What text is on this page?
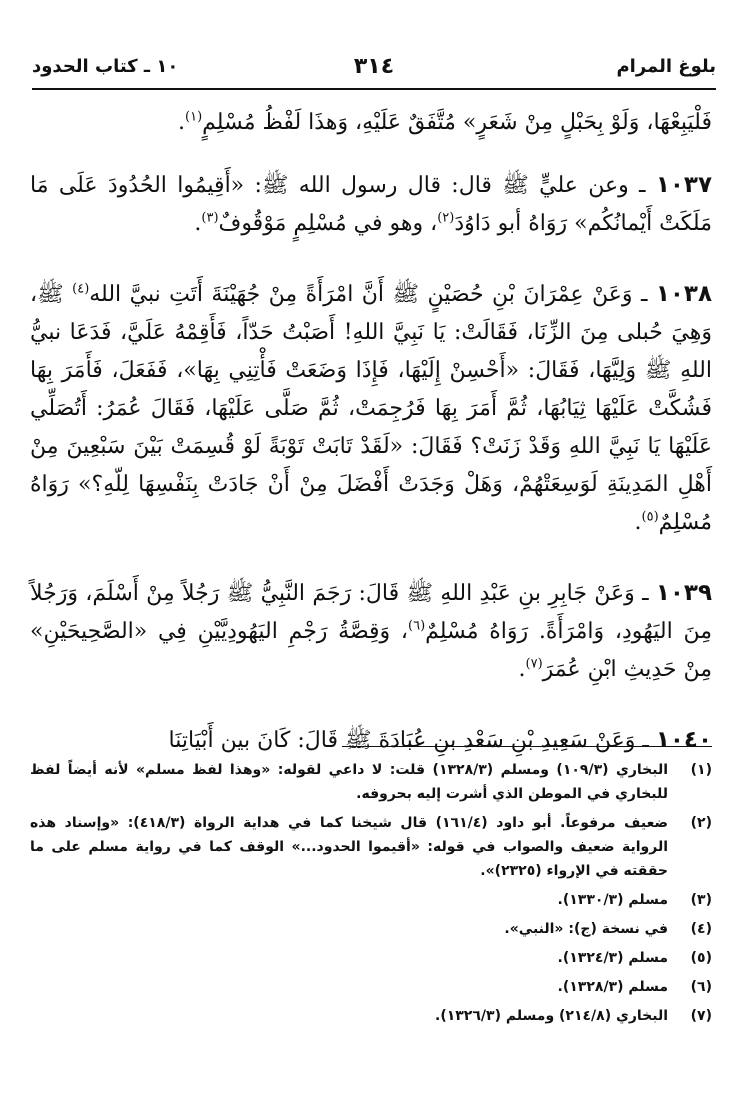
بلوغ المرام
٣١٤
١٠ ـ كتاب الحدود

فَلْيَبِعْهَا، وَلَوْ بِحَبْلٍ مِنْ شَعَرٍ» مُتَّفَقٌ عَلَيْهِ، وَهذَا لَفْظُ مُسْلِمٍ$^{(١)}$.

١٠٣٧ ـ وعن عليٍّ ﷺ قال: قال رسول الله ﷺ: «أَقِيمُوا الحُدُودَ عَلَى مَا مَلَكَتْ أَيْمانُكُم» رَوَاهُ أبو دَاوُدَ$^{(٢)}$، وهو في مُسْلِمٍ مَوْقُوفٌ$^{(٣)}$.

١٠٣٨ ـ وَعَنْ عِمْرَانَ بْنِ حُصَيْنٍ ﷺ أَنَّ امْرَأَةً مِنْ جُهَيْنَةَ أَتَتِ نبيَّ الله$^{(٤)}$ ﷺ، وَهِيَ حُبلى مِنَ الزِّنَا، فَقَالَتْ: يَا نَبِيَّ اللهِ! أَصَبْتُ حَدّاً، فَأَقِمْهُ عَلَيَّ، فَدَعَا نبيُّ اللهِ ﷺ وَلِيَّهَا، فَقَالَ: «أَحْسِنْ إِلَيْهَا، فَإِذَا وَضَعَتْ فَأْتِنِي بِهَا»، فَفَعَلَ، فَأَمَرَ بِهَا فَشُكَّتْ عَلَيْهَا ثِيَابُهَا، ثُمَّ أَمَرَ بِهَا فَرُجِمَتْ، ثُمَّ صَلَّى عَلَيْهَا، فَقَالَ عُمَرُ: أَتُصَلِّي عَلَيْهَا يَا نَبِيَّ اللهِ وَقَدْ زَنَتْ؟ فَقَالَ: «لَقَدْ تَابَتْ تَوْبَةً لَوْ قُسِمَتْ بَيْنَ سَبْعِينَ مِنْ أَهْلِ المَدِينَةِ لَوَسِعَتْهُمْ، وَهَلْ وَجَدَتْ أَفْضَلَ مِنْ أَنْ جَادَتْ بِنَفْسِهَا لِلّهِ؟» رَوَاهُ مُسْلِمٌ$^{(٥)}$.

١٠٣٩ ـ وَعَنْ جَابِرِ بنِ عَبْدِ اللهِ ﷺ قَالَ: رَجَمَ النَّبِيُّ ﷺ رَجُلاً مِنْ أَسْلَمَ، وَرَجُلاً مِنَ اليَهُودِ، وَامْرَأَةً. رَوَاهُ مُسْلِمٌ$^{(٦)}$، وَقِصَّةُ رَجْمِ اليَهُودِيَّيْنِ فِي «الصَّحِيحَيْنِ» مِنْ حَدِيثِ ابْنِ عُمَرَ$^{(٧)}$.

١٠٤٠ ـ وَعَنْ سَعِيدِ بْنِ سَعْدِ بنِ عُبَادَةَ ﷺ قَالَ: كَانَ بين أَبْيَاتِنَا

(١)
البخاري (١٠٩/٣) ومسلم (١٣٢٨/٣) قلت: لا داعي لقوله: «وهذا لفظ مسلم» لأنه أيضاً لفظ للبخاري في الموطن الذي أشرت إليه بحروفه.
(٢)
ضعيف مرفوعاً. أبو داود (١٦١/٤) قال شيخنا كما في هداية الرواة (٤١٨/٣): «وإسناد هذه الرواية ضعيف والصواب في قوله: «أقيموا الحدود...» الوقف كما في رواية مسلم على ما حققته في الإرواء (٢٣٢٥)».
(٣)
مسلم (١٣٣٠/٣).
(٤)
في نسخة (ج): «النبي».
(٥)
مسلم (١٣٢٤/٣).
(٦)
مسلم (١٣٢٨/٣).
(٧)
البخاري (٢١٤/٨) ومسلم (١٣٢٦/٣).
